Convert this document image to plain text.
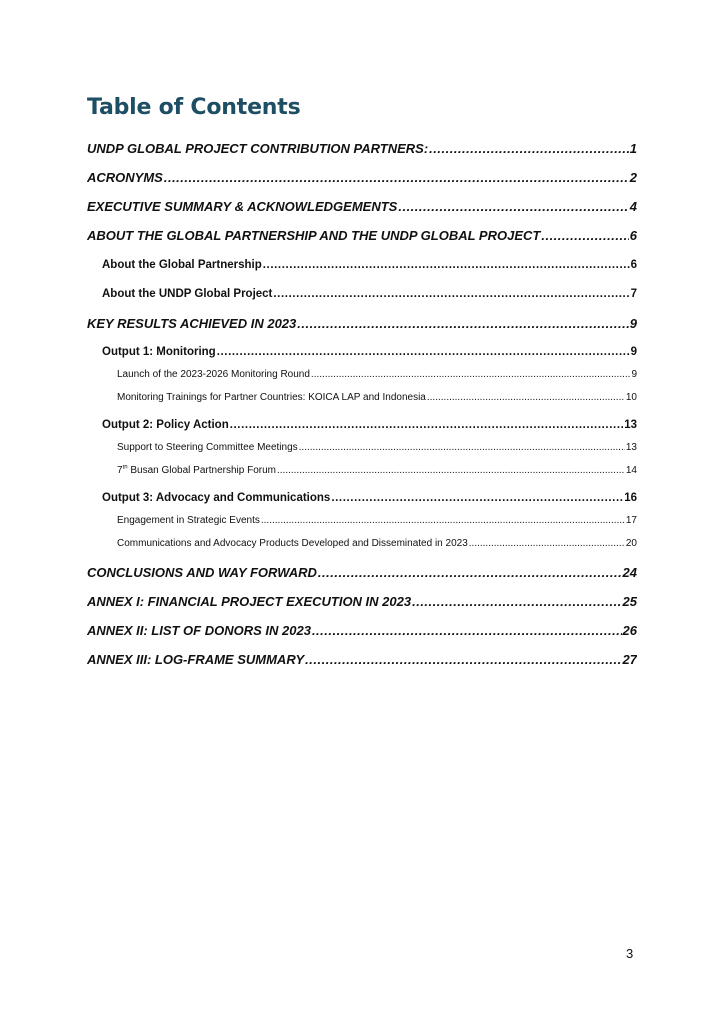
Table of Contents
UNDP GLOBAL PROJECT CONTRIBUTION PARTNERS: .....	1
ACRONYMS .....	2
EXECUTIVE SUMMARY & ACKNOWLEDGEMENTS .....	4
ABOUT THE GLOBAL PARTNERSHIP AND THE UNDP GLOBAL PROJECT .....	6
About the Global Partnership .....	6
About the UNDP Global Project .....	7
KEY RESULTS ACHIEVED IN 2023 .....	9
Output 1: Monitoring .....	9
Launch of the 2023-2026 Monitoring Round .....	9
Monitoring Trainings for Partner Countries: KOICA LAP and Indonesia .....	10
Output 2: Policy Action .....	13
Support to Steering Committee Meetings .....	13
7th Busan Global Partnership Forum .....	14
Output 3: Advocacy and Communications .....	16
Engagement in Strategic Events .....	17
Communications and Advocacy Products Developed and Disseminated in 2023 .....	20
CONCLUSIONS AND WAY FORWARD .....	24
ANNEX I: FINANCIAL PROJECT EXECUTION IN 2023 .....	25
ANNEX II: LIST OF DONORS IN 2023 .....	26
ANNEX III: LOG-FRAME SUMMARY .....	27
3
